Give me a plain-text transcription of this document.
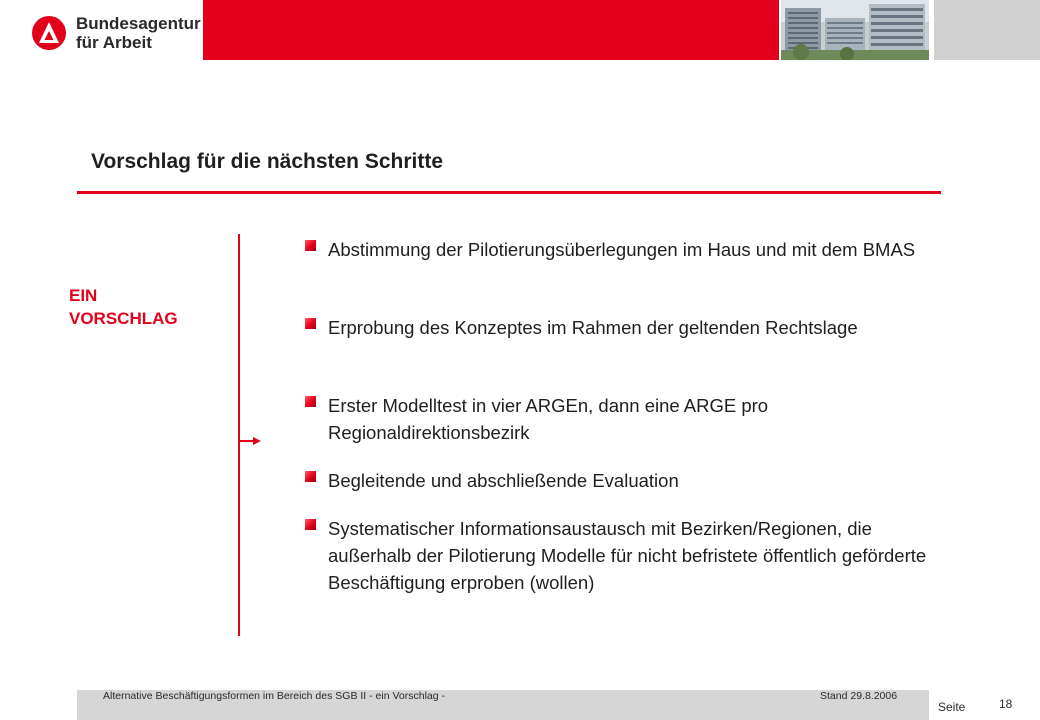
Bundesagentur
für Arbeit
Vorschlag für die nächsten Schritte
EIN
VORSCHLAG
Abstimmung der Pilotierungsüberlegungen im Haus und mit dem BMAS
Erprobung des Konzeptes im Rahmen der geltenden Rechtslage
Erster Modelltest in vier ARGEn, dann eine ARGE pro Regionaldirektionsbezirk
Begleitende und abschließende Evaluation
Systematischer Informationsaustausch mit Bezirken/Regionen, die außerhalb der Pilotierung Modelle für nicht befristete öffentlich geförderte Beschäftigung erproben (wollen)
Alternative Beschäftigungsformen im Bereich des SGB II - ein Vorschlag -	Stand 29.8.2006
Seite	18
